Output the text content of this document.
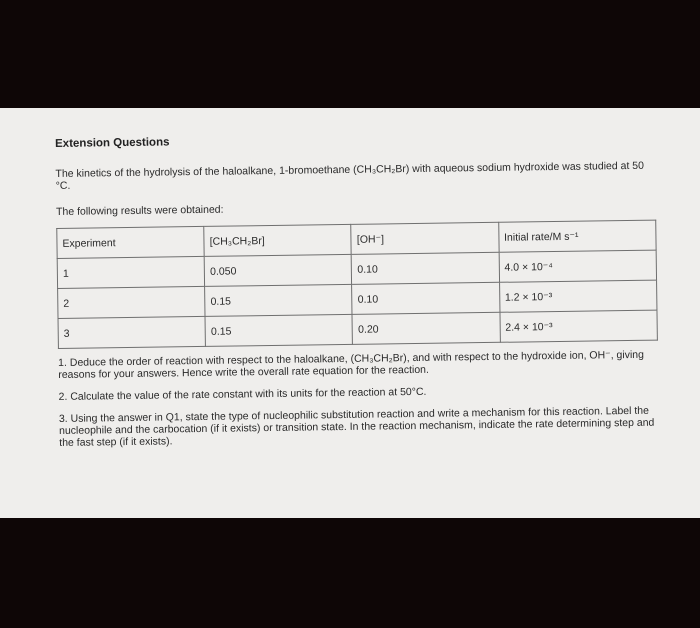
Extension Questions

The kinetics of the hydrolysis of the haloalkane, 1-bromoethane (CH₃CH₂Br) with aqueous sodium hydroxide was studied at 50 °C.

The following results were obtained:

Experiment	[CH₃CH₂Br]	[OH⁻]	Initial rate/M s⁻¹
1	0.050	0.10	4.0 × 10⁻⁴
2	0.15	0.10	1.2 × 10⁻³
3	0.15	0.20	2.4 × 10⁻³

1. Deduce the order of reaction with respect to the haloalkane, (CH₃CH₂Br), and with respect to the hydroxide ion, OH⁻, giving reasons for your answers. Hence write the overall rate equation for the reaction.

2. Calculate the value of the rate constant with its units for the reaction at 50°C.

3. Using the answer in Q1, state the type of nucleophilic substitution reaction and write a mechanism for this reaction. Label the nucleophile and the carbocation (if it exists) or transition state. In the reaction mechanism, indicate the rate determining step and the fast step (if it exists).
